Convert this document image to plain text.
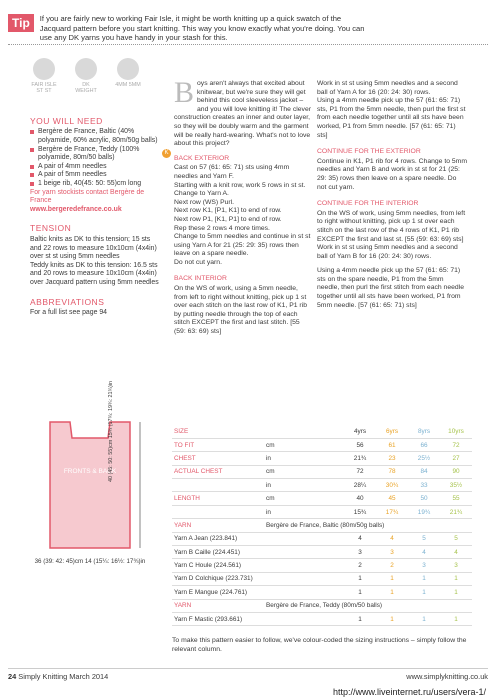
Tip	If you are fairly new to working Fair Isle, it might be worth knitting up a quick swatch of the Jacquard pattern before you start knitting. This way you know exactly what you're doing. You can use any DK yarns you have handy in your stash for this.
FAIR ISLE ST ST
DK WEIGHT
4MM 5MM
YOU WILL NEED
Bergère de France, Baltic (40% polyamide, 60% acrylic, 80m/50g balls)
Bergère de France, Teddy (100% polyamide, 80m/50 balls)
A pair of 4mm needles
A pair of 5mm needles
1 beige rib, 40(45: 50: 55)cm long
For yarn stockists contact Bergère de France
www.bergeredefrance.co.uk
TENSION
Baltic knits as DK to this tension; 15 sts and 22 rows to measure 10x10cm (4x4in) over st st using 5mm needles
Teddy knits as DK to this tension: 16.5 sts and 20 rows to measure 10x10cm (4x4in) over Jacquard pattern using 5mm needles
ABBREVIATIONS
For a full list see page 94
Boys aren't always that excited about knitwear, but we're sure they will get behind this cool sleeveless jacket – and you will love knitting it! The clever construction creates an inner and outer layer, so they will be doubly warm and the garment will be really hard-wearing. What's not to love about this project?
K
BACK EXTERIOR
Cast on 57 (61: 65: 71) sts using 4mm needles and Yarn F.
Starting with a knit row, work 5 rows in st st.
Change to Yarn A.
Next row (WS) Purl.
Next row K1, [P1, K1] to end of row.
Next row P1, [K1, P1] to end of row.
Rep these 2 rows 4 more times.
Change to 5mm needles and continue in st st using Yarn A for 21 (25: 29: 35) rows then leave on a spare needle.
Do not cut yarn.
BACK INTERIOR
On the WS of work, using a 5mm needle, from left to right without knitting, pick up 1 st over each stitch on the last row of K1, P1 rib by putting needle through the top of each stitch EXCEPT the first and last stitch. [55 (59: 63: 69) sts]
Work in st st using 5mm needles and a second ball of Yarn A for 16 (20: 24: 30) rows.
Using a 4mm needle pick up the 57 (61: 65: 71) sts, P1 from the 5mm needle, then purl the first st from each needle together until all sts have been worked, P1 from 5mm needle. [57 (61: 65: 71) sts]
CONTINUE FOR THE EXTERIOR
Continue in K1, P1 rib for 4 rows. Change to 5mm needles and Yarn B and work in st st for 21 (25: 29: 35) rows then leave on a spare needle. Do not cut yarn.
CONTINUE FOR THE INTERIOR
On the WS of work, using 5mm needles, from left to right without knitting, pick up 1 st over each stitch on the last row of the 4 rows of K1, P1 rib EXCEPT the first and last st. [55 (59: 63: 69) sts]
Work in st st using 5mm needles and a second ball of Yarn B for 16 (20: 24: 30) rows.
Using a 4mm needle pick up the 57 (61: 65: 71) sts on the spare needle, P1 from the 5mm needle, then purl the first stitch from each needle together until all sts have been worked, P1 from 5mm needle. [57 (61: 65: 71) sts]
FRONTS & BACK
40 (45: 50: 55)cm 15¾ (17¾: 19¾: 21¾)in
36 (39: 42: 45)cm 14 (15¼: 16½: 17¾)in
SIZE		4yrs	6yrs	8yrs	10yrs
TO FIT	cm	56	61	66	72
CHEST	in	21¾	23	25½	27
ACTUAL CHEST	cm	72	78	84	90
	in	28¼	30¾	33	35½
LENGTH	cm	40	45	50	55
	in	15¾	17¾	19¾	21¾
YARN	Bergère de France, Baltic (80m/50g balls)				
Yarn A Jean (223.841)		4	4	5	5
Yarn B Caille (224.451)		3	3	4	4
Yarn C Houle (224.561)		2	2	3	3
Yarn D Colchique (223.731)		1	1	1	1
Yarn E Mangue (224.761)		1	1	1	1
YARN	Bergère de France, Teddy (80m/50 balls)				
Yarn F Mastic (293.661)		1	1	1	1
To make this pattern easier to follow, we've colour-coded the sizing instructions – simply follow the relevant column.
24 Simply Knitting March 2014	www.simplyknitting.co.uk
http://www.liveinternet.ru/users/vera-1/
